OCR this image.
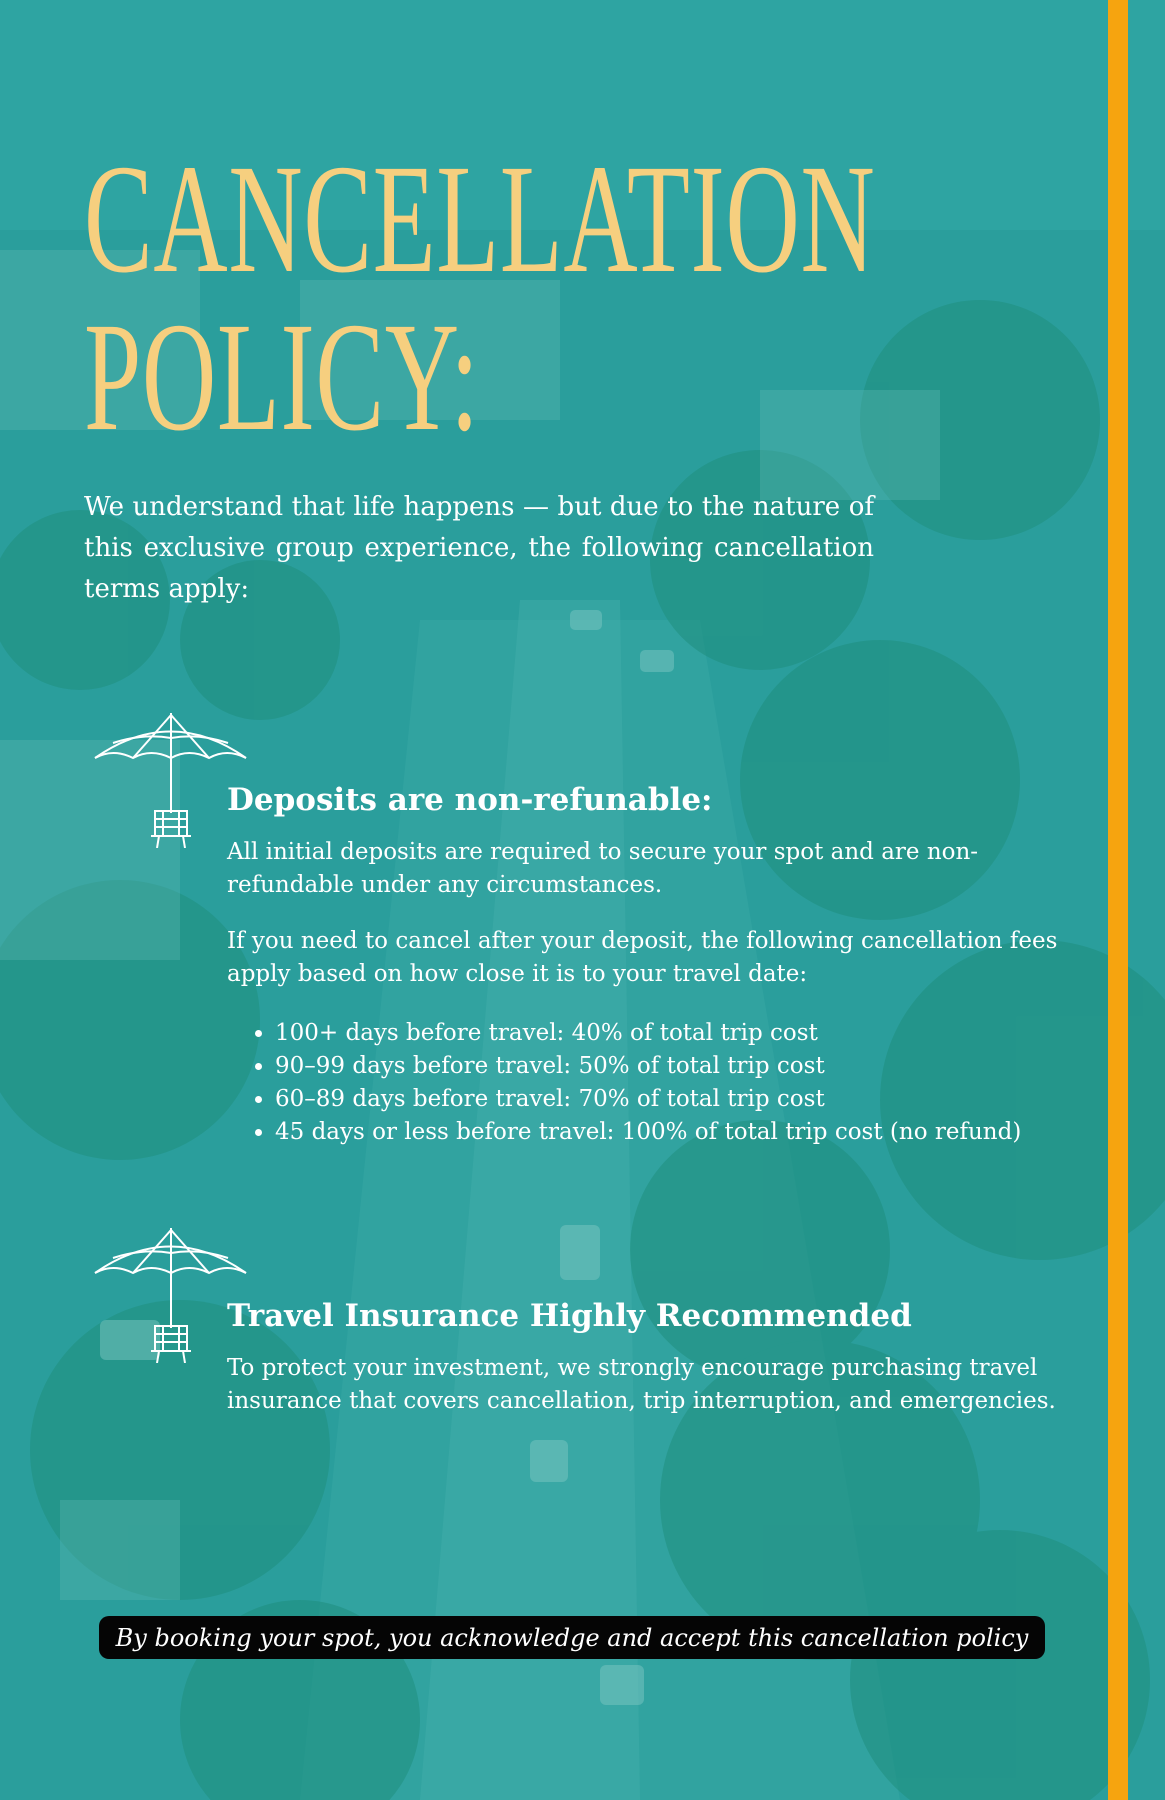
CANCELLATION
POLICY:

We understand that life happens — but due to the nature of this exclusive group experience, the following cancellation terms apply:

Deposits are non-refunable:

All initial deposits are required to secure your spot and are non-refundable under any circumstances.

If you need to cancel after your deposit, the following cancellation fees apply based on how close it is to your travel date:

• 100+ days before travel: 40% of total trip cost
• 90–99 days before travel: 50% of total trip cost
• 60–89 days before travel: 70% of total trip cost
• 45 days or less before travel: 100% of total trip cost (no refund)
Travel Insurance Highly Recommended

To protect your investment, we strongly encourage purchasing travel insurance that covers cancellation, trip interruption, and emergencies.

By booking your spot, you acknowledge and accept this cancellation policy
